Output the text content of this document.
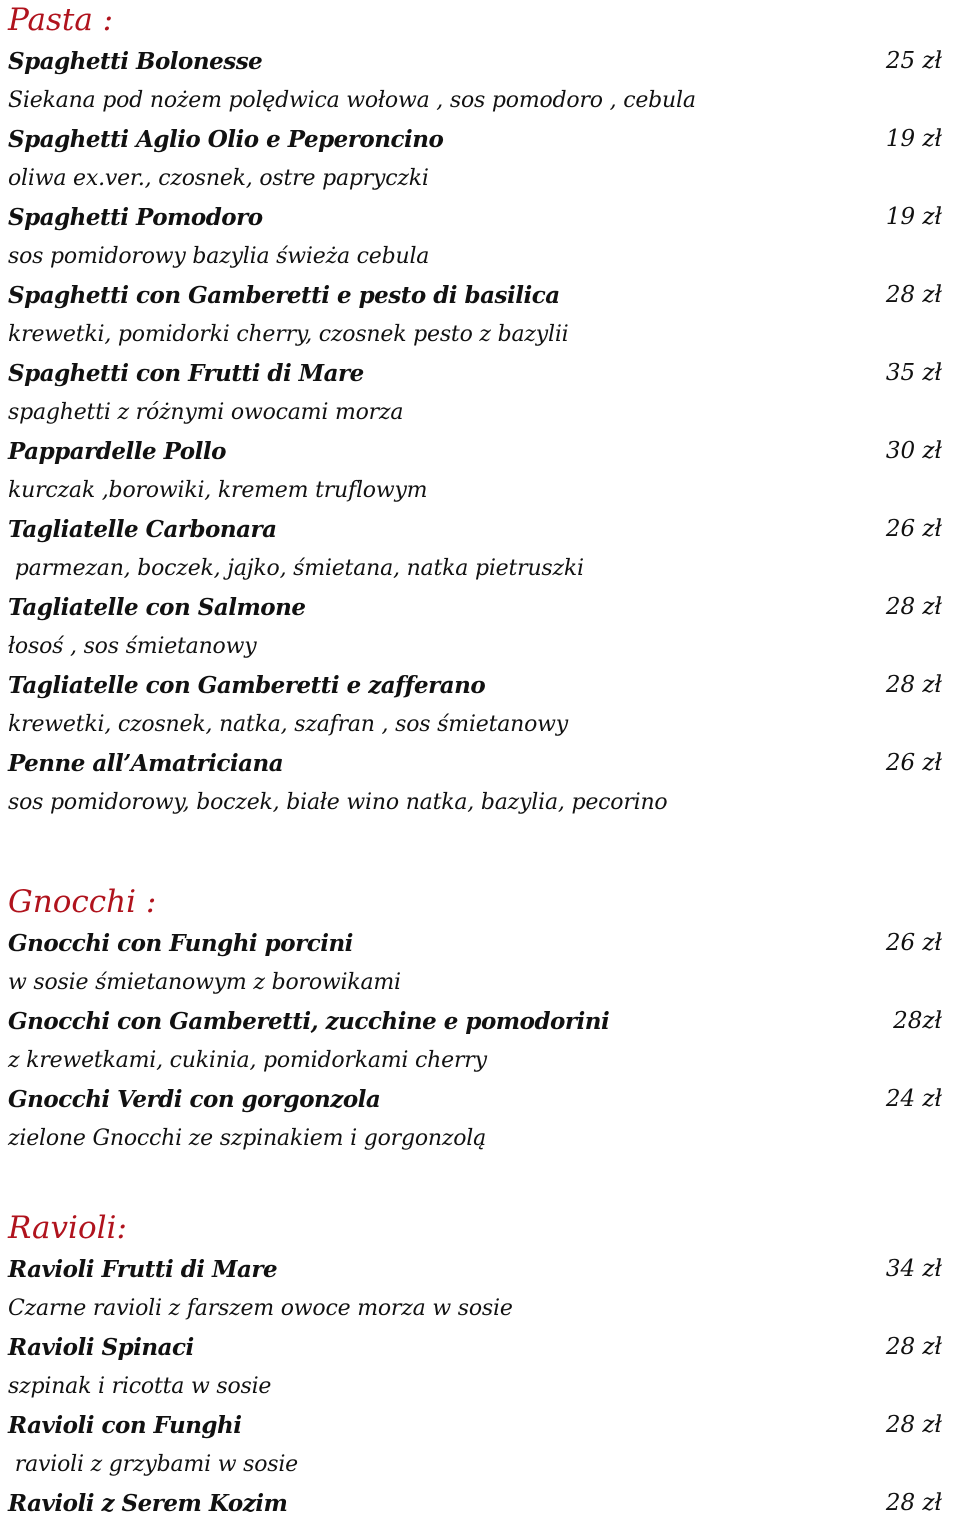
Pasta :
Spaghetti Bolonesse	25 zł
Siekana pod nożem polędwica wołowa , sos pomodoro , cebula
Spaghetti Aglio Olio e Peperoncino	19 zł
oliwa ex.ver., czosnek, ostre papryczki
Spaghetti Pomodoro	19 zł
sos pomidorowy bazylia świeża cebula
Spaghetti con Gamberetti e pesto di basilica	28 zł
krewetki, pomidorki cherry, czosnek pesto z bazylii
Spaghetti con Frutti di Mare	35 zł
spaghetti z różnymi owocami morza
Pappardelle Pollo	30 zł
kurczak ,borowiki, kremem truflowym
Tagliatelle Carbonara	26 zł
parmezan, boczek, jajko, śmietana, natka pietruszki
Tagliatelle con Salmone	28 zł
łosoś , sos śmietanowy
Tagliatelle con Gamberetti e zafferano	28 zł
krewetki, czosnek, natka, szafran , sos śmietanowy
Penne all’Amatriciana	26 zł
sos pomidorowy, boczek, białe wino natka, bazylia, pecorino
Gnocchi :
Gnocchi con Funghi porcini	26 zł
w sosie śmietanowym z borowikami
Gnocchi con Gamberetti, zucchine e pomodorini	28zł
z krewetkami, cukinia, pomidorkami cherry
Gnocchi Verdi con gorgonzola	24 zł
zielone Gnocchi ze szpinakiem i gorgonzolą
Ravioli:
Ravioli Frutti di Mare	34 zł
Czarne ravioli z farszem owoce morza w sosie
Ravioli Spinaci	28 zł
szpinak i ricotta w sosie
Ravioli con Funghi	28 zł
ravioli z grzybami w sosie
Ravioli z Serem Kozim	28 zł
